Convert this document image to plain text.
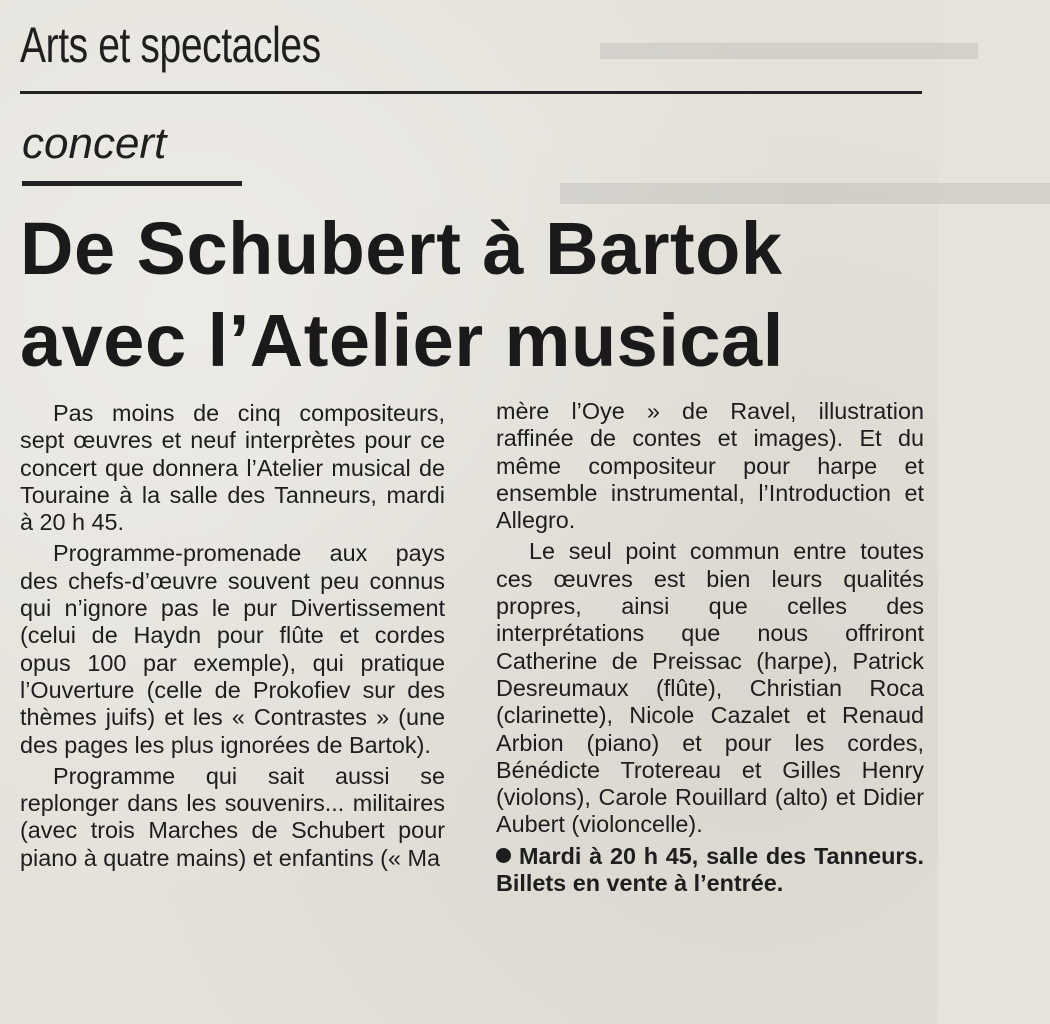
▬▬▬▬▬▬▬
▬▬▬▬▬▬▬
Arts et spectacles
concert
De Schubert à Bartok
avec l’Atelier musical

Pas moins de cinq compositeurs, sept œuvres et neuf interprètes pour ce concert que donnera l’Atelier musical de Touraine à la salle des Tanneurs, mardi à 20 h 45.

Programme-promenade aux pays des chefs-d’œuvre souvent peu connus qui n’ignore pas le pur Divertissement (celui de Haydn pour flûte et cordes opus 100 par exemple), qui pratique l’Ouverture (celle de Prokofiev sur des thèmes juifs) et les « Contrastes » (une des pages les plus ignorées de Bartok).

Programme qui sait aussi se replonger dans les souvenirs... militaires (avec trois Marches de Schubert pour piano à quatre mains) et enfantins (« Ma

mère l’Oye » de Ravel, illustration raffinée de contes et images). Et du même compositeur pour harpe et ensemble instrumental, l’Introduction et Allegro.

Le seul point commun entre toutes ces œuvres est bien leurs qualités propres, ainsi que celles des interprétations que nous offriront Catherine de Preissac (harpe), Patrick Desreumaux (flûte), Christian Roca (clarinette), Nicole Cazalet et Renaud Arbion (piano) et pour les cordes, Bénédicte Trotereau et Gilles Henry (violons), Carole Rouillard (alto) et Didier Aubert (violoncelle).

Mardi à 20 h 45, salle des Tanneurs. Billets en vente à l’entrée.
